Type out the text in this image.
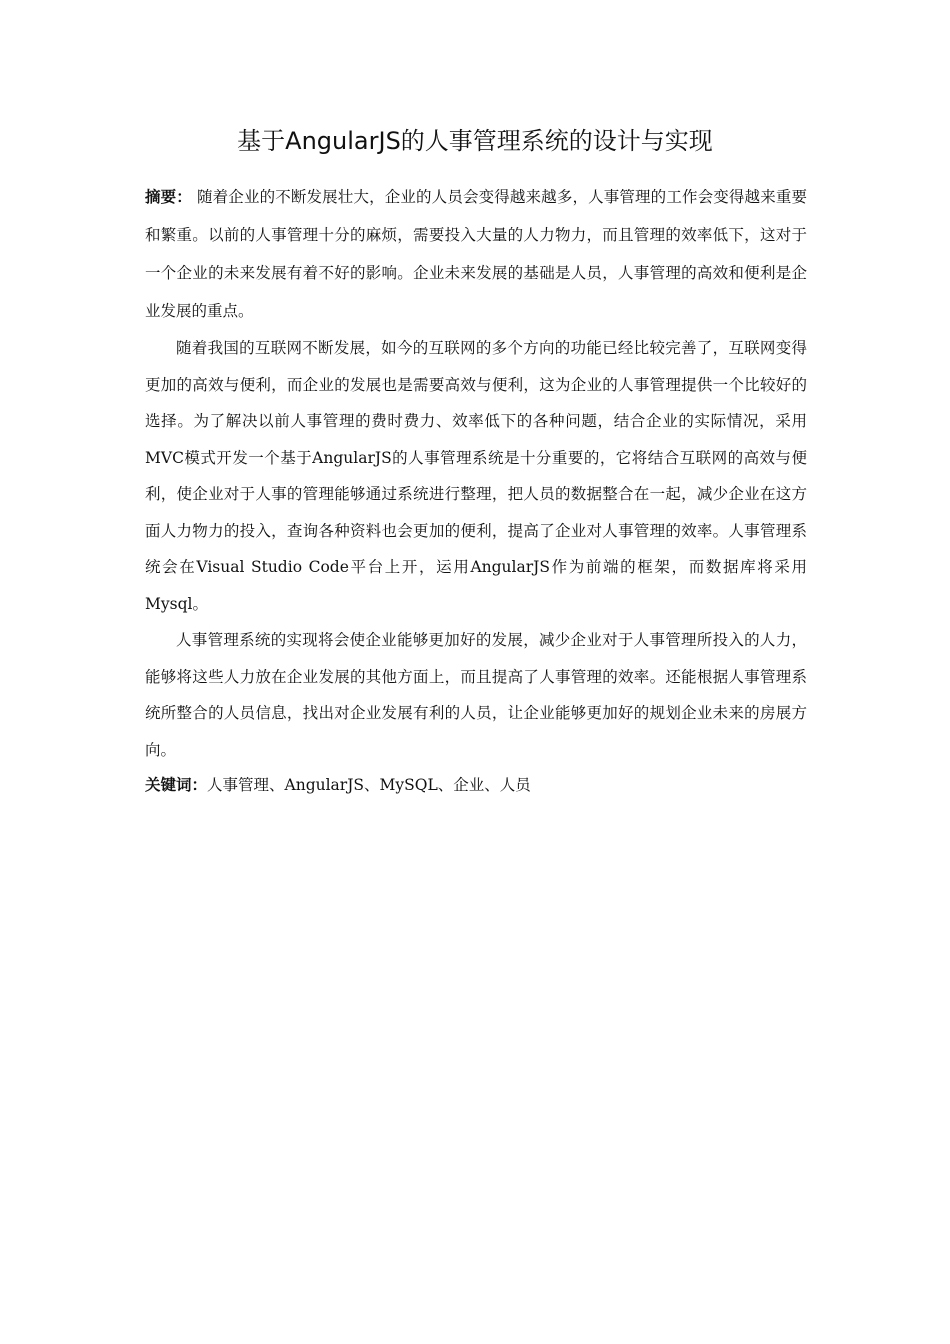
基于AngularJS的人事管理系统的设计与实现

摘要： 随着企业的不断发展壮大，企业的人员会变得越来越多，人事管理的工作会变得越来重要和繁重。以前的人事管理十分的麻烦，需要投入大量的人力物力，而且管理的效率低下，这对于一个企业的未来发展有着不好的影响。企业未来发展的基础是人员，人事管理的高效和便利是企业发展的重点。

随着我国的互联网不断发展，如今的互联网的多个方向的功能已经比较完善了，互联网变得更加的高效与便利，而企业的发展也是需要高效与便利，这为企业的人事管理提供一个比较好的选择。为了解决以前人事管理的费时费力、效率低下的各种问题，结合企业的实际情况，采用MVC模式开发一个基于AngularJS的人事管理系统是十分重要的，它将结合互联网的高效与便利，使企业对于人事的管理能够通过系统进行整理，把人员的数据整合在一起，减少企业在这方面人力物力的投入，查询各种资料也会更加的便利，提高了企业对人事管理的效率。人事管理系统会在Visual Studio Code平台上开，运用AngularJS作为前端的框架，而数据库将采用Mysql。

人事管理系统的实现将会使企业能够更加好的发展，减少企业对于人事管理所投入的人力，能够将这些人力放在企业发展的其他方面上，而且提高了人事管理的效率。还能根据人事管理系统所整合的人员信息，找出对企业发展有利的人员，让企业能够更加好的规划企业未来的房展方向。

关键词：人事管理、AngularJS、MySQL、企业、人员
